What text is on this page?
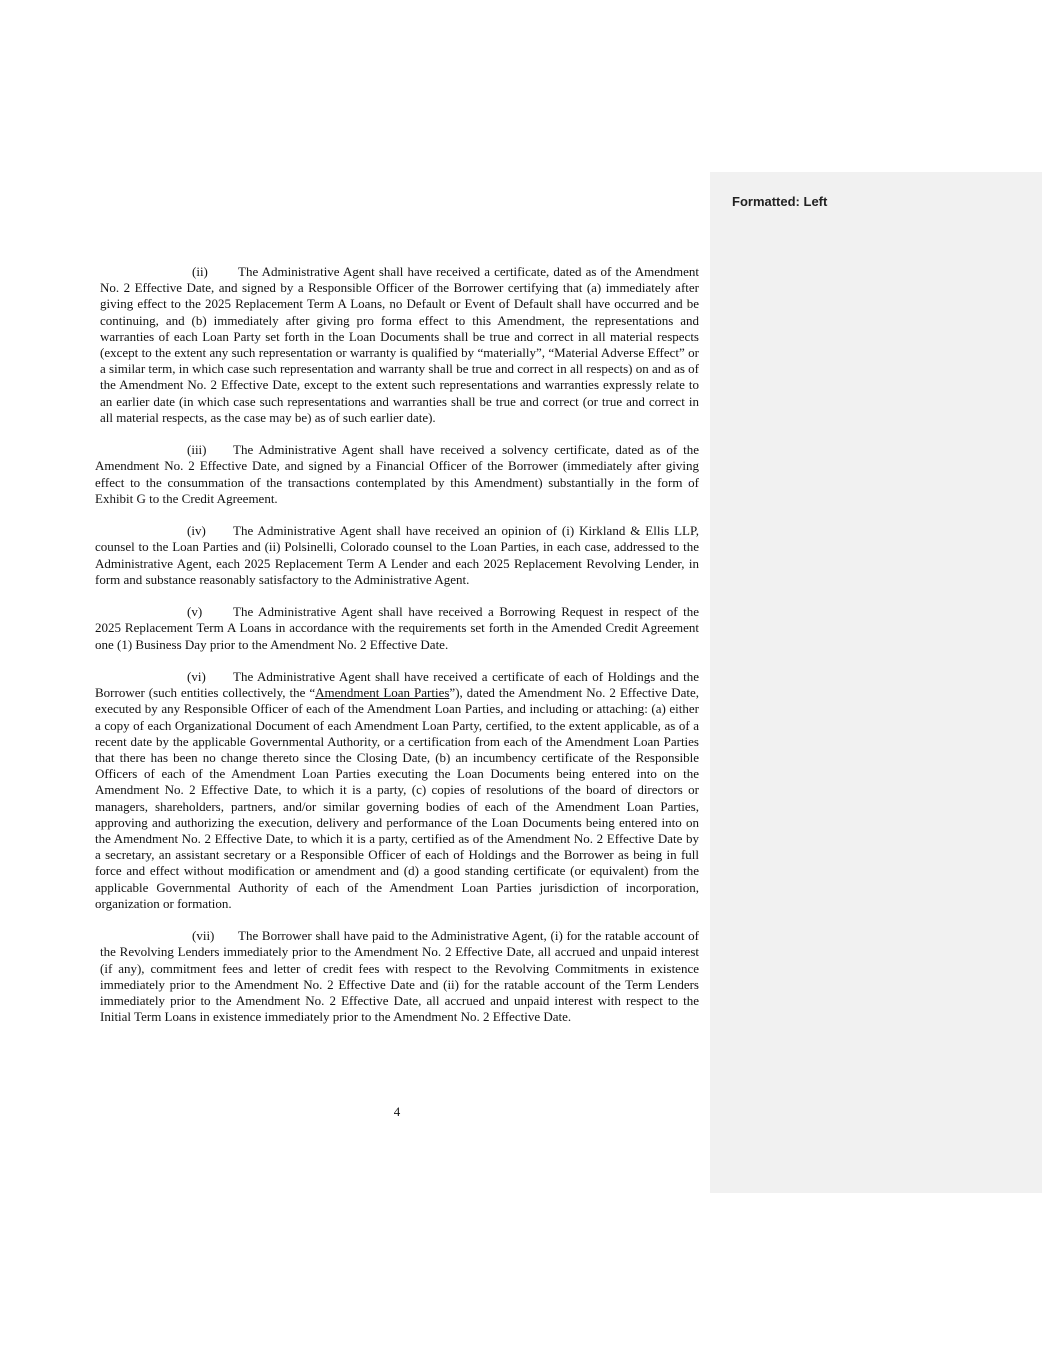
Formatted: Left

(ii) The Administrative Agent shall have received a certificate, dated as of the Amendment No. 2 Effective Date, and signed by a Responsible Officer of the Borrower certifying that (a) immediately after giving effect to the 2025 Replacement Term A Loans, no Default or Event of Default shall have occurred and be continuing, and (b) immediately after giving pro forma effect to this Amendment, the representations and warranties of each Loan Party set forth in the Loan Documents shall be true and correct in all material respects (except to the extent any such representation or warranty is qualified by “materially”, “Material Adverse Effect” or a similar term, in which case such representation and warranty shall be true and correct in all respects) on and as of the Amendment No. 2 Effective Date, except to the extent such representations and warranties expressly relate to an earlier date (in which case such representations and warranties shall be true and correct (or true and correct in all material respects, as the case may be) as of such earlier date).

(iii) The Administrative Agent shall have received a solvency certificate, dated as of the Amendment No. 2 Effective Date, and signed by a Financial Officer of the Borrower (immediately after giving effect to the consummation of the transactions contemplated by this Amendment) substantially in the form of Exhibit G to the Credit Agreement.

(iv) The Administrative Agent shall have received an opinion of (i) Kirkland & Ellis LLP, counsel to the Loan Parties and (ii) Polsinelli, Colorado counsel to the Loan Parties, in each case, addressed to the Administrative Agent, each 2025 Replacement Term A Lender and each 2025 Replacement Revolving Lender, in form and substance reasonably satisfactory to the Administrative Agent.

(v) The Administrative Agent shall have received a Borrowing Request in respect of the 2025 Replacement Term A Loans in accordance with the requirements set forth in the Amended Credit Agreement one (1) Business Day prior to the Amendment No. 2 Effective Date.

(vi) The Administrative Agent shall have received a certificate of each of Holdings and the Borrower (such entities collectively, the “Amendment Loan Parties”), dated the Amendment No. 2 Effective Date, executed by any Responsible Officer of each of the Amendment Loan Parties, and including or attaching: (a) either a copy of each Organizational Document of each Amendment Loan Party, certified, to the extent applicable, as of a recent date by the applicable Governmental Authority, or a certification from each of the Amendment Loan Parties that there has been no change thereto since the Closing Date, (b) an incumbency certificate of the Responsible Officers of each of the Amendment Loan Parties executing the Loan Documents being entered into on the Amendment No. 2 Effective Date, to which it is a party, (c) copies of resolutions of the board of directors or managers, shareholders, partners, and/or similar governing bodies of each of the Amendment Loan Parties, approving and authorizing the execution, delivery and performance of the Loan Documents being entered into on the Amendment No. 2 Effective Date, to which it is a party, certified as of the Amendment No. 2 Effective Date by a secretary, an assistant secretary or a Responsible Officer of each of Holdings and the Borrower as being in full force and effect without modification or amendment and (d) a good standing certificate (or equivalent) from the applicable Governmental Authority of each of the Amendment Loan Parties jurisdiction of incorporation, organization or formation.

(vii) The Borrower shall have paid to the Administrative Agent, (i) for the ratable account of the Revolving Lenders immediately prior to the Amendment No. 2 Effective Date, all accrued and unpaid interest (if any), commitment fees and letter of credit fees with respect to the Revolving Commitments in existence immediately prior to the Amendment No. 2 Effective Date and (ii) for the ratable account of the Term Lenders immediately prior to the Amendment No. 2 Effective Date, all accrued and unpaid interest with respect to the Initial Term Loans in existence immediately prior to the Amendment No. 2 Effective Date.

4
